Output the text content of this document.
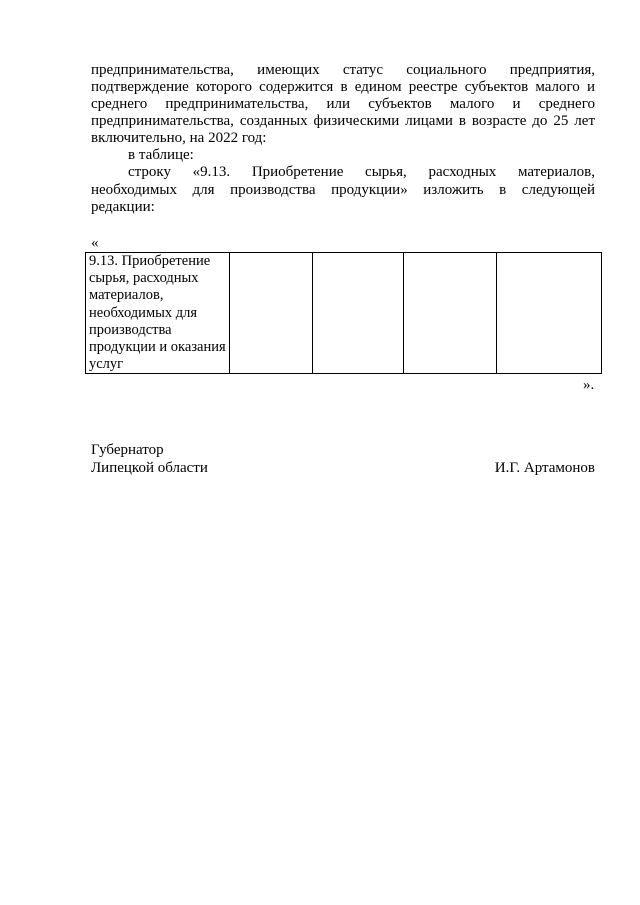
предпринимательства, имеющих статус социального предприятия,
подтверждение которого содержится в едином реестре субъектов малого и
среднего предпринимательства, или субъектов малого и среднего
предпринимательства, созданных физическими лицами в возрасте до 25 лет
включительно, на 2022 год:
в таблице:
строку «9.13. Приобретение сырья, расходных материалов,
необходимых для производства продукции» изложить в следующей
редакции:
«
9.13. Приобретение сырья, расходных материалов, необходимых для производства продукции и оказания услуг				
».
Губернатор
Липецкой области	И.Г. Артамонов
